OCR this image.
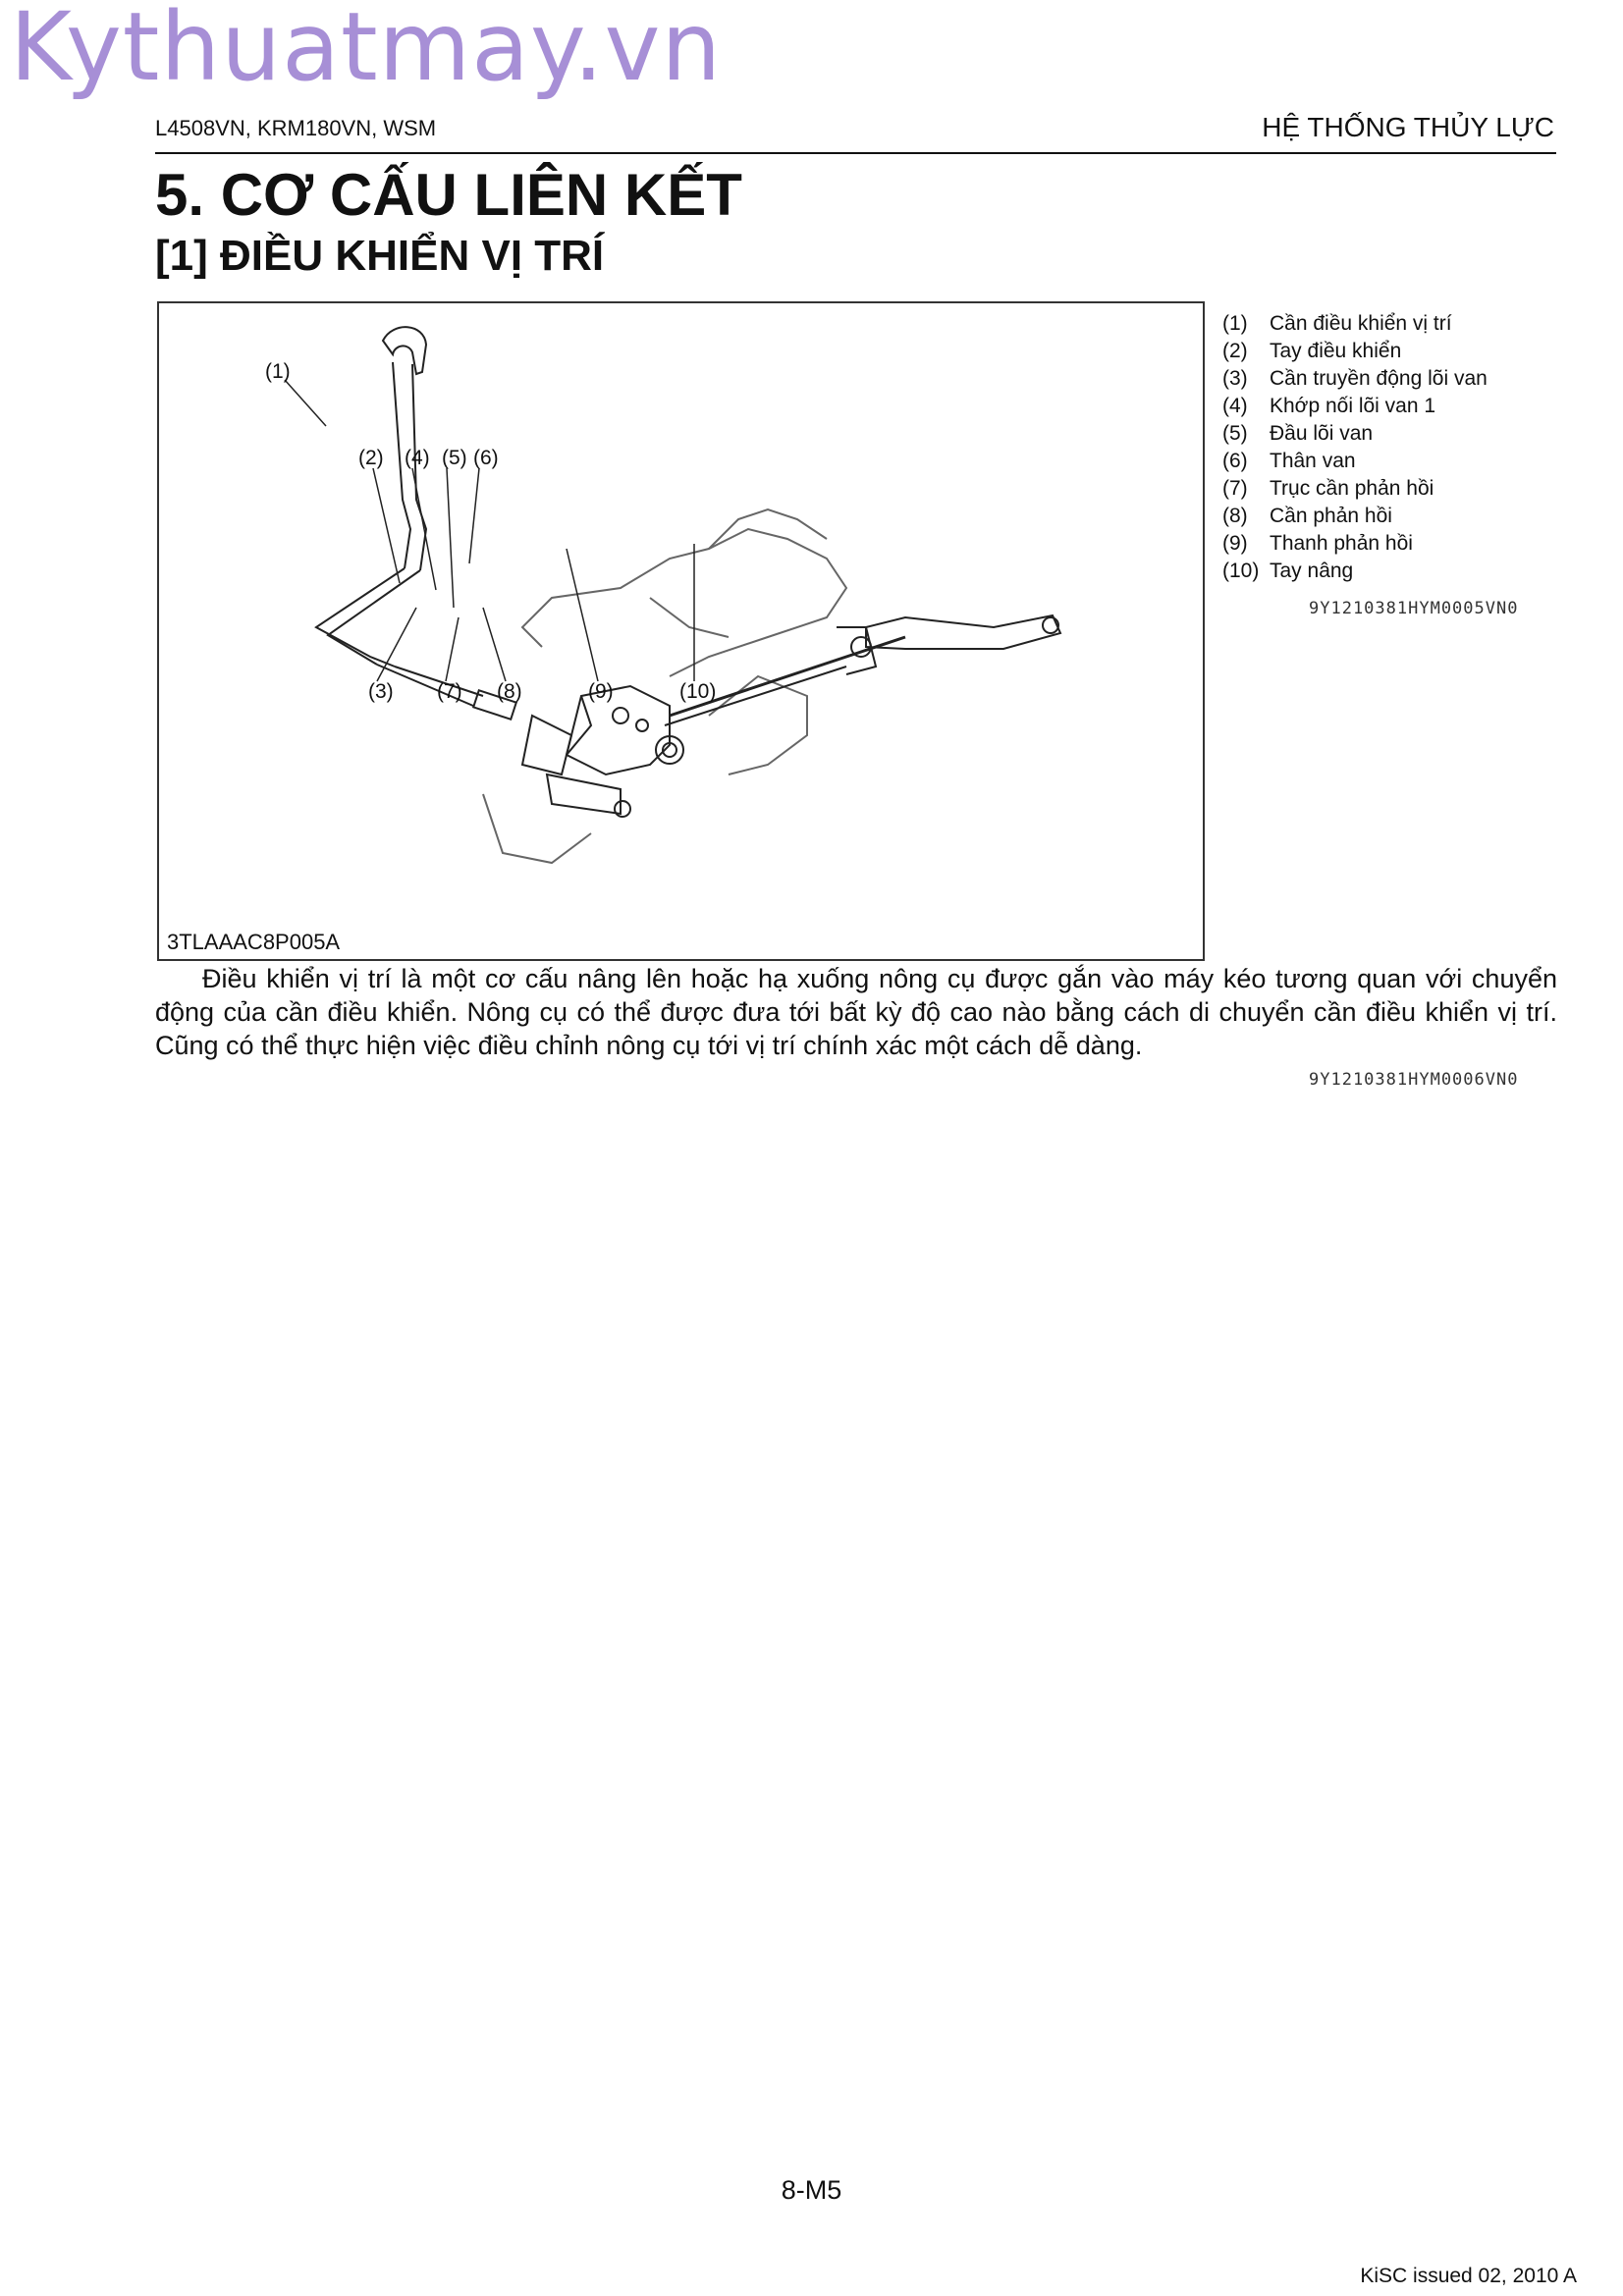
Kythuatmay.vn
L4508VN, KRM180VN, WSM	HỆ THỐNG THỦY LỰC
5. CƠ CẤU LIÊN KẾT
[1] ĐIỀU KHIỂN VỊ TRÍ
(1)
(2) (4) (5) (6)
(3) (7) (8)	(9)	(10)
3TLAAAC8P005A
(1)	Cần điều khiển vị trí
(2)	Tay điều khiển
(3)	Cần truyền động lõi van
(4)	Khớp nối lõi van 1
(5)	Đầu lõi van
(6)	Thân van
(7)	Trục cần phản hồi
(8)	Cần phản hồi
(9)	Thanh phản hồi
(10) Tay nâng
9Y1210381HYM0005VN0
Điều khiển vị trí là một cơ cấu nâng lên hoặc hạ xuống nông cụ được gắn vào máy kéo tương quan với chuyển động của cần điều khiển. Nông cụ có thể được đưa tới bất kỳ độ cao nào bằng cách di chuyển cần điều khiển vị trí. Cũng có thể thực hiện việc điều chỉnh nông cụ tới vị trí chính xác một cách dễ dàng.
9Y1210381HYM0006VN0
8-M5
KiSC issued 02, 2010 A
